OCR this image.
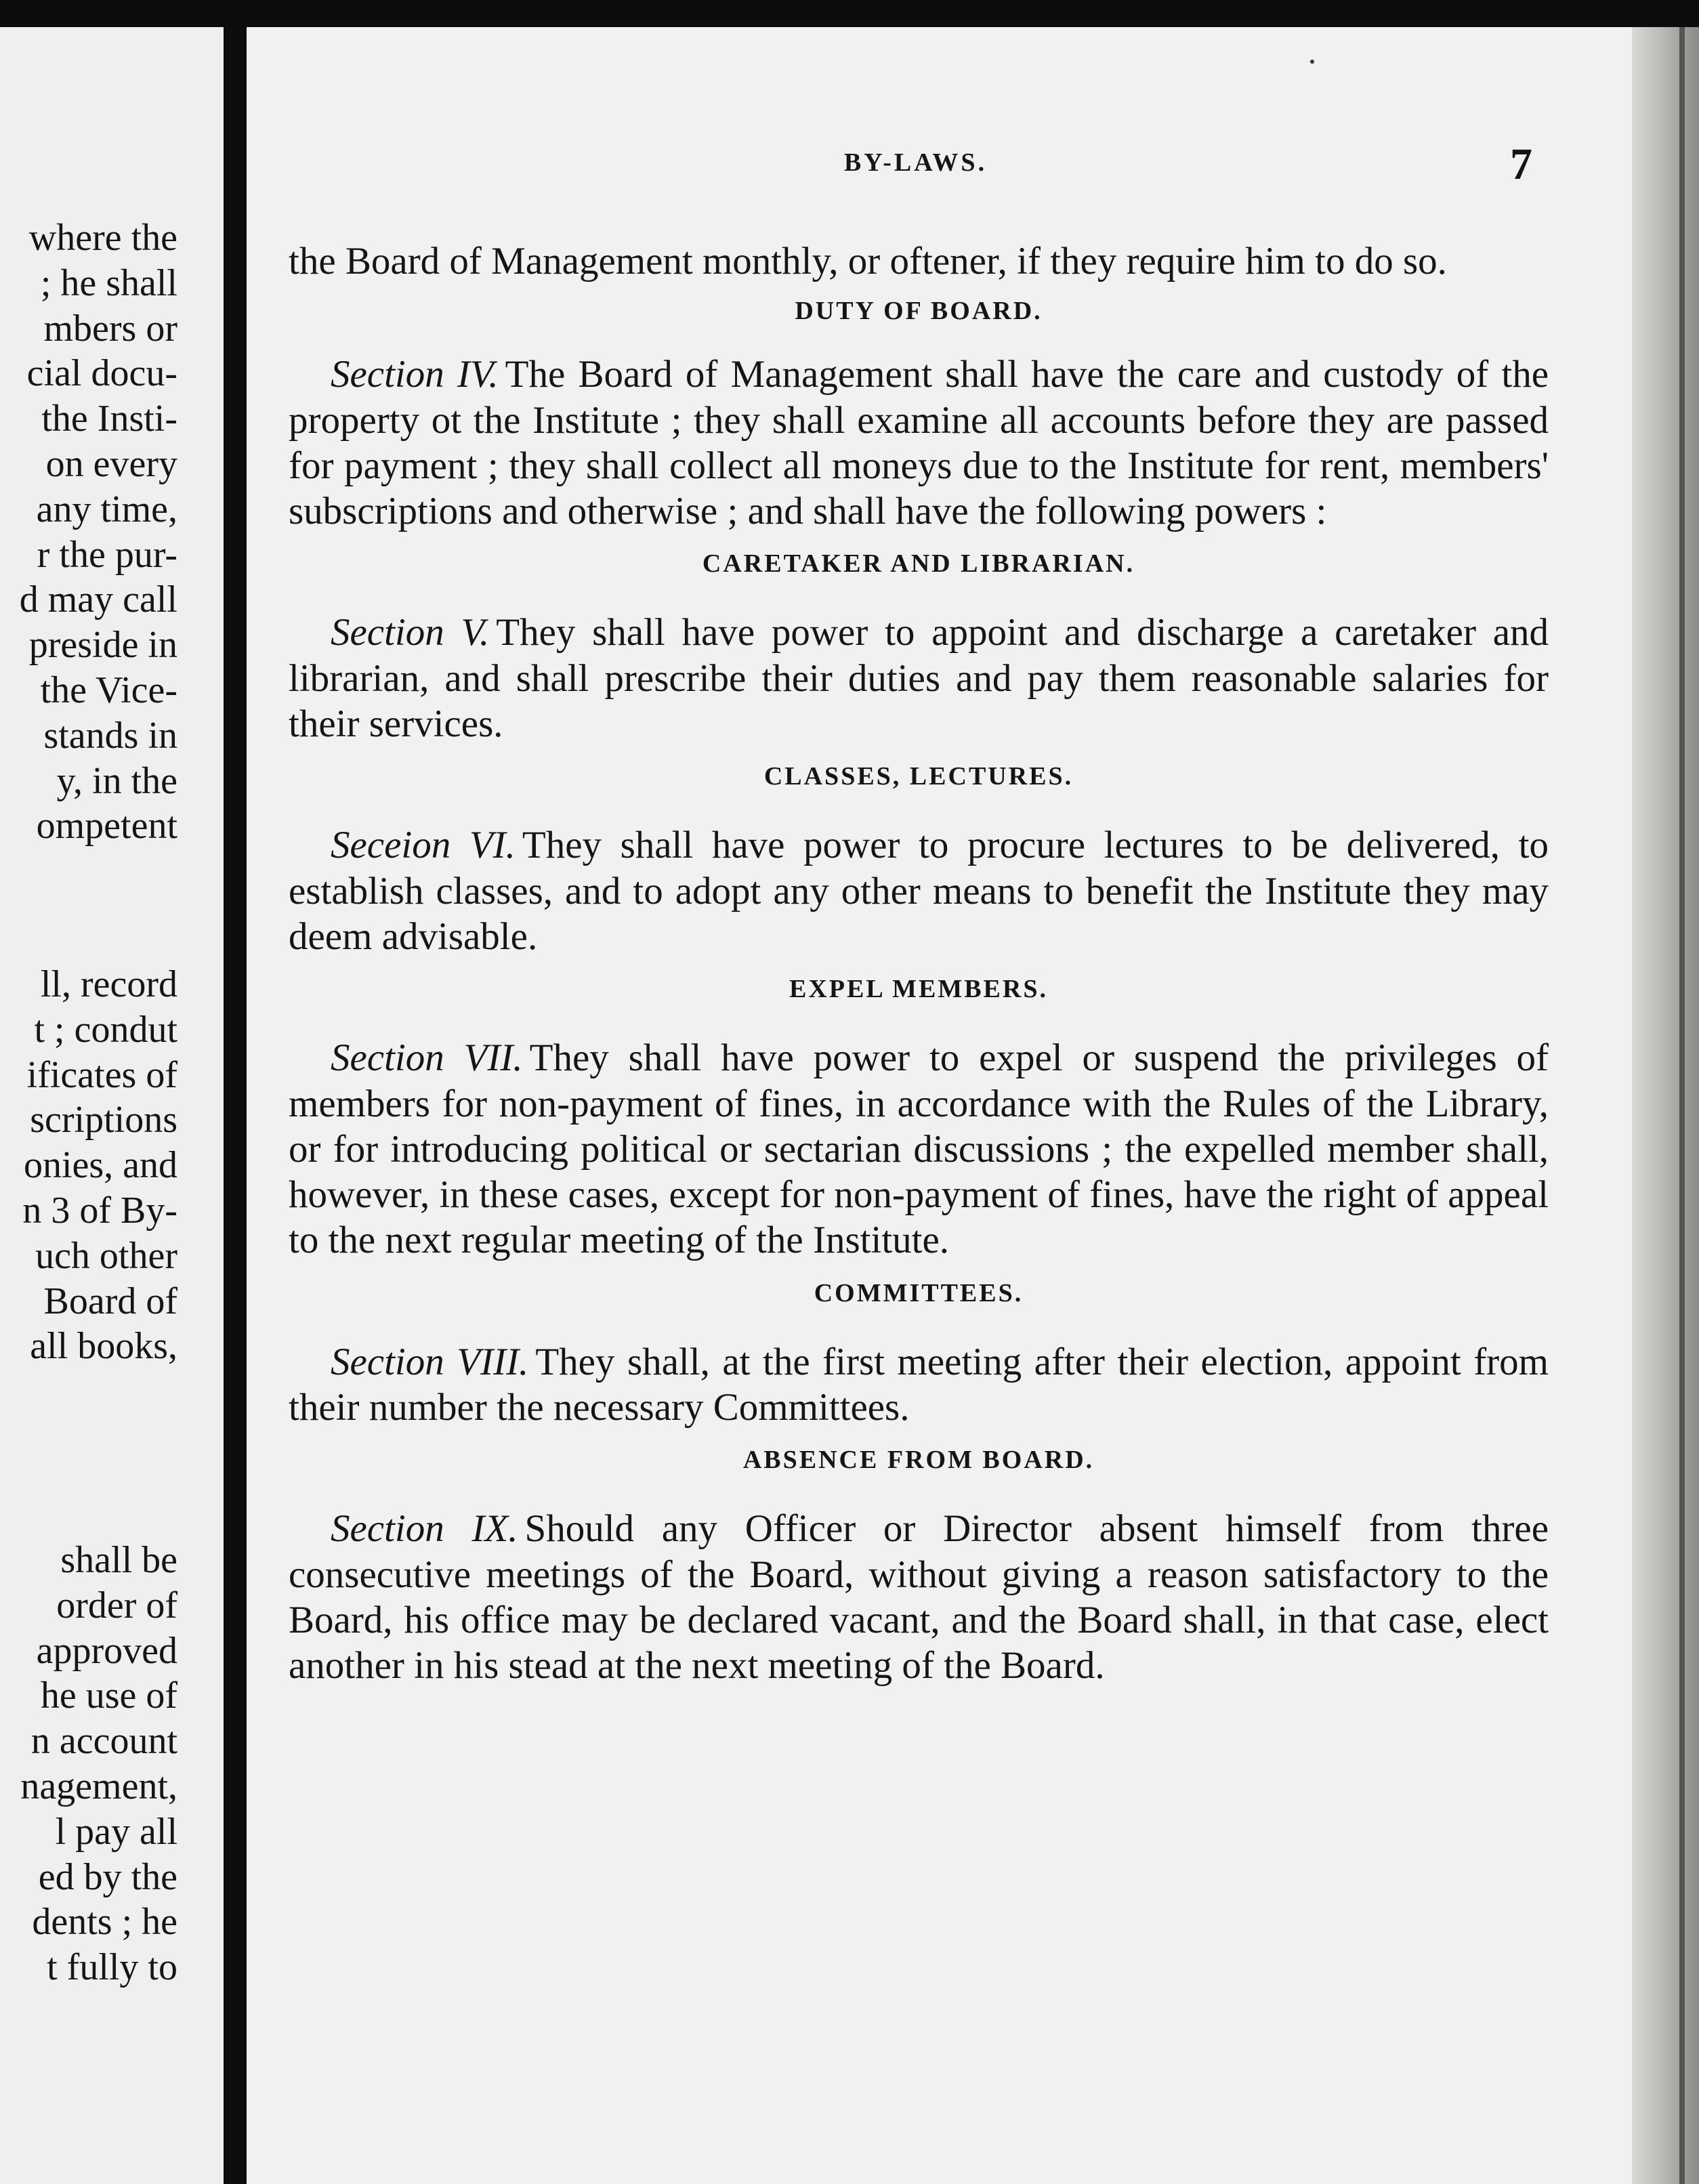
where the
; he shall
mbers or
cial docu-
the Insti-
on every
any time,
r the pur-
d may call
preside in
the Vice-
stands in
y, in the
ompetent
ll, record
t ; condut
ificates of
scriptions
onies, and
n 3 of By-
uch other
Board of
all books,
shall be
order of
approved
he use of
n account
nagement,
l pay all
ed by the
dents ; he
t fully to
BY-LAWS.	7
the Board of Management monthly, or oftener, if they require him to do so.
DUTY OF BOARD.
Section IV. The Board of Management shall have the care and custody of the property ot the Institute ; they shall examine all accounts before they are passed for payment ; they shall collect all moneys due to the Institute for rent, members' subscriptions and otherwise ; and shall have the following powers :
CARETAKER AND LIBRARIAN.
Section V. They shall have power to appoint and discharge a caretaker and librarian, and shall prescribe their duties and pay them reasonable salaries for their services.
CLASSES, LECTURES.
Seceion VI. They shall have power to procure lectures to be delivered, to establish classes, and to adopt any other means to benefit the Institute they may deem advisable.
EXPEL MEMBERS.
Section VII. They shall have power to expel or suspend the privileges of members for non-payment of fines, in accordance with the Rules of the Library, or for introducing political or sectarian discussions ; the expelled member shall, however, in these cases, except for non-payment of fines, have the right of appeal to the next regular meeting of the Institute.
COMMITTEES.
Section VIII. They shall, at the first meeting after their election, appoint from their number the necessary Committees.
ABSENCE FROM BOARD.
Section IX. Should any Officer or Director absent himself from three consecutive meetings of the Board, without giving a reason satisfactory to the Board, his office may be declared vacant, and the Board shall, in that case, elect another in his stead at the next meeting of the Board.
